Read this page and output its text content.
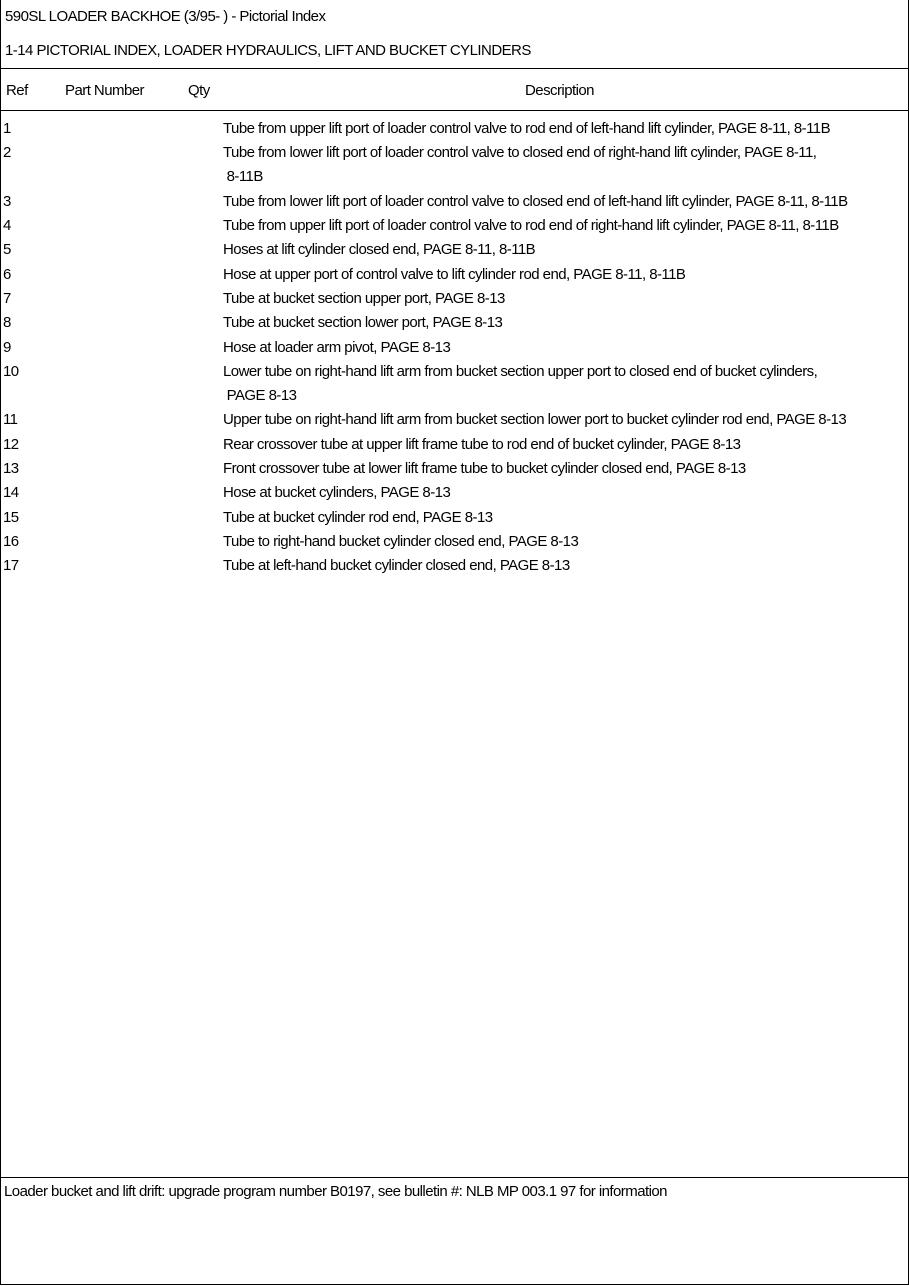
590SL LOADER BACKHOE (3/95- ) - Pictorial Index
1-14 PICTORIAL INDEX, LOADER HYDRAULICS, LIFT AND BUCKET CYLINDERS
Ref Part Number	Qty	Description
1	Tube from upper lift port of loader control valve to rod end of left-hand lift cylinder, PAGE 8-11, 8-11B
2	Tube from lower lift port of loader control valve to closed end of right-hand lift cylinder, PAGE 8-11,
8-11B
3	Tube from lower lift port of loader control valve to closed end of left-hand lift cylinder, PAGE 8-11, 8-11B
4	Tube from upper lift port of loader control valve to rod end of right-hand lift cylinder, PAGE 8-11, 8-11B
5	Hoses at lift cylinder closed end, PAGE 8-11, 8-11B
6	Hose at upper port of control valve to lift cylinder rod end, PAGE 8-11, 8-11B
7	Tube at bucket section upper port, PAGE 8-13
8	Tube at bucket section lower port, PAGE 8-13
9	Hose at loader arm pivot, PAGE 8-13
10	Lower tube on right-hand lift arm from bucket section upper port to closed end of bucket cylinders,
PAGE 8-13
11	Upper tube on right-hand lift arm from bucket section lower port to bucket cylinder rod end, PAGE 8-13
12	Rear crossover tube at upper lift frame tube to rod end of bucket cylinder, PAGE 8-13
13	Front crossover tube at lower lift frame tube to bucket cylinder closed end, PAGE 8-13
14	Hose at bucket cylinders, PAGE 8-13
15	Tube at bucket cylinder rod end, PAGE 8-13
16	Tube to right-hand bucket cylinder closed end, PAGE 8-13
17	Tube at left-hand bucket cylinder closed end, PAGE 8-13
Loader bucket and lift drift: upgrade program number B0197, see bulletin #: NLB MP 003.1 97 for information
